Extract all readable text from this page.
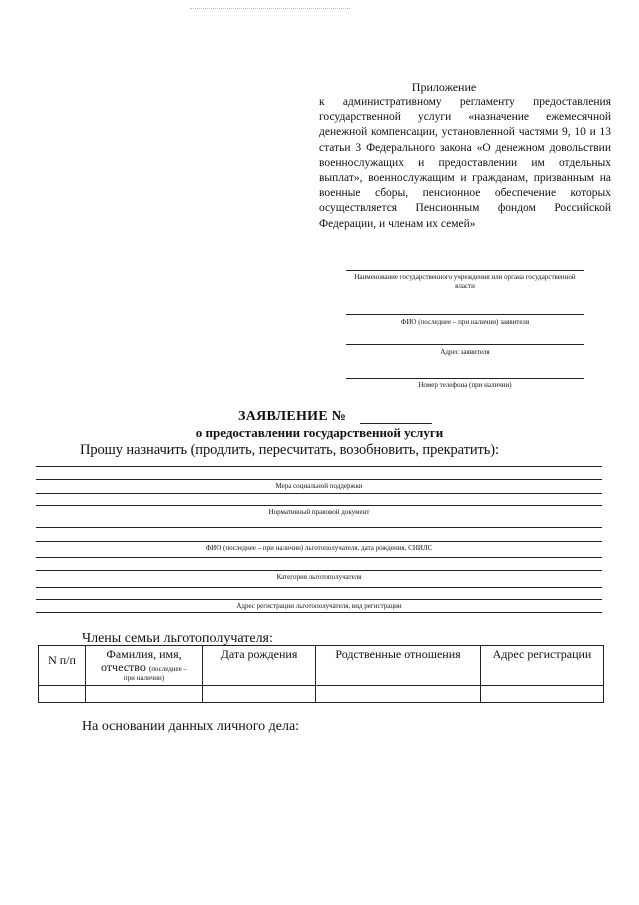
Приложение
к административному регламенту предоставления государственной услуги «назначение ежемесячной денежной компенсации, установленной частями 9, 10 и 13 статьи 3 Федерального закона «О денежном довольствии военнослужащих и предоставлении им отдельных выплат», военнослужащим и гражданам, призванным на военные сборы, пенсионное обеспечение которых осуществляется Пенсионным фондом Российской Федерации, и членам их семей»
Наименование государственного учреждения или органа государственной власти
ФИО (последнее – при наличии) заявителя
Адрес заявителя
Номер телефона (при наличии)
ЗАЯВЛЕНИЕ №
о предоставлении государственной услуги
Прошу назначить (продлить, пересчитать, возобновить, прекратить):
Мера социальной поддержки
Нормативный правовой документ
ФИО (последнее – при наличии) льготополучателя, дата рождения, СНИЛС
Категория льготополучателя
Адрес регистрации льготополучателя, вид регистрации
Члены семьи льготополучателя:
N п/п	Фамилия, имя,
отчество (последнее –
при наличии)	Дата рождения	Родственные отношения	Адрес регистрации

На основании данных личного дела:
